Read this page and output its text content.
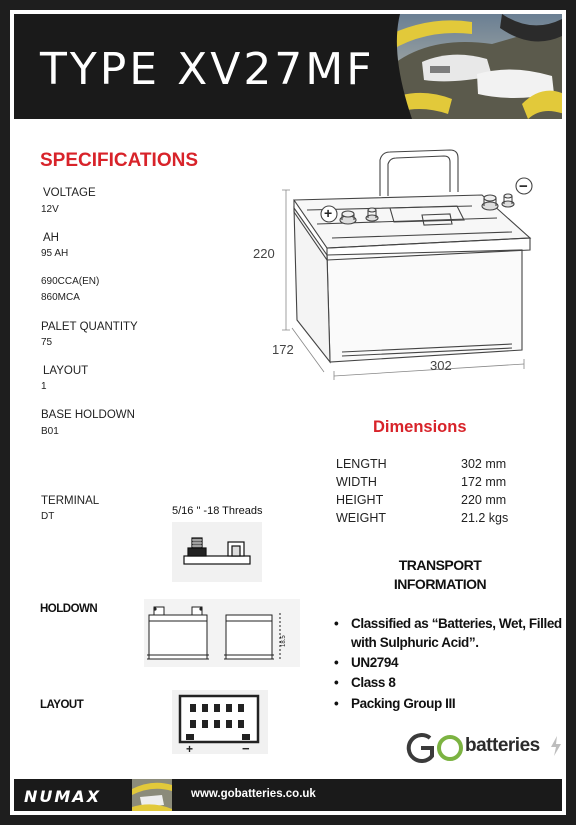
TYPE XV27MF
SPECIFICATIONS
VOLTAGE
12V
AH
95 AH
690CCA(EN)
860MCA
PALET QUANTITY
75
LAYOUT
1
BASE HOLDOWN
B01
TERMINAL
DT
+
−
220
172
302
Dimensions
LENGTH	302 mm
WIDTH	172 mm
HEIGHT	220 mm
WEIGHT	21.2 kgs
5/16 " -18 Threads
HOLDOWN
18.5
LAYOUT
+	−
TRANSPORT
INFORMATION
• Classified as “Batteries, Wet, Filled with Sulphuric Acid”.
• UN2794
• Class 8
• Packing Group III
GO
batteries
NUMAX	www.gobatteries.co.uk
